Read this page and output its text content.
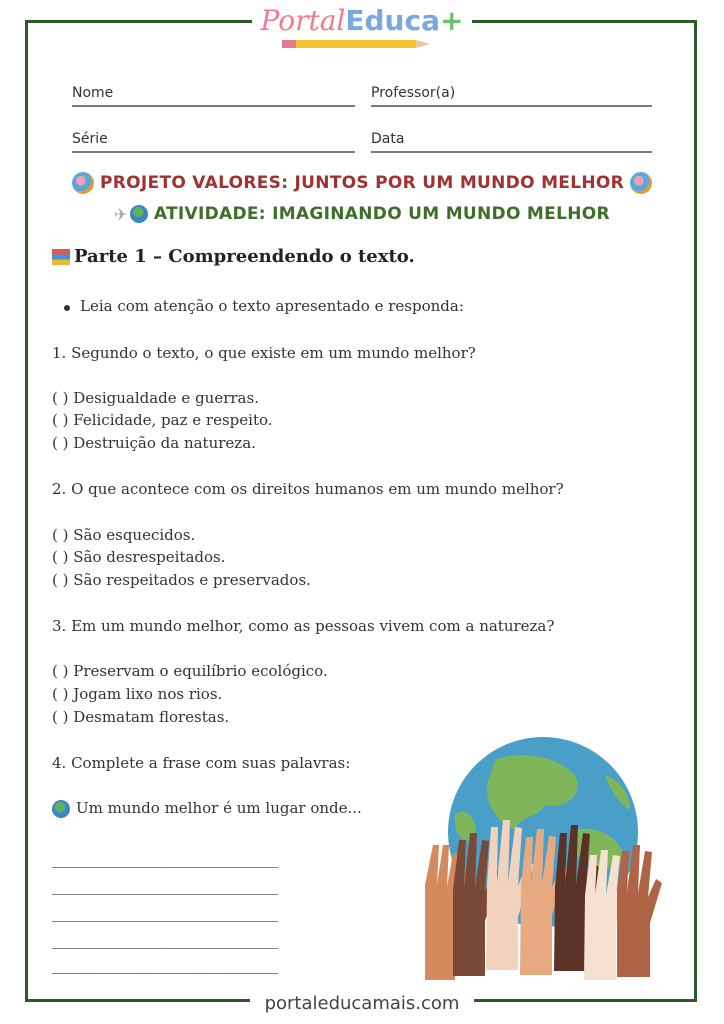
PortalEduca+
Nome	Professor(a)
Série	Data
PROJETO VALORES: JUNTOS POR UM MUNDO MELHOR
✈ ATIVIDADE: IMAGINANDO UM MUNDO MELHOR
Parte 1 – Compreendendo o texto.
Leia com atenção o texto apresentado e responda:
1. Segundo o texto, o que existe em um mundo melhor?
( ) Desigualdade e guerras.
( ) Felicidade, paz e respeito.
( ) Destruição da natureza.
2. O que acontece com os direitos humanos em um mundo melhor?
( ) São esquecidos.
( ) São desrespeitados.
( ) São respeitados e preservados.
3. Em um mundo melhor, como as pessoas vivem com a natureza?
( ) Preservam o equilíbrio ecológico.
( ) Jogam lixo nos rios.
( ) Desmatam florestas.
4. Complete a frase com suas palavras:
Um mundo melhor é um lugar onde...
________________________________
________________________________
________________________________
________________________________
________________________________
portaleducamais.com
